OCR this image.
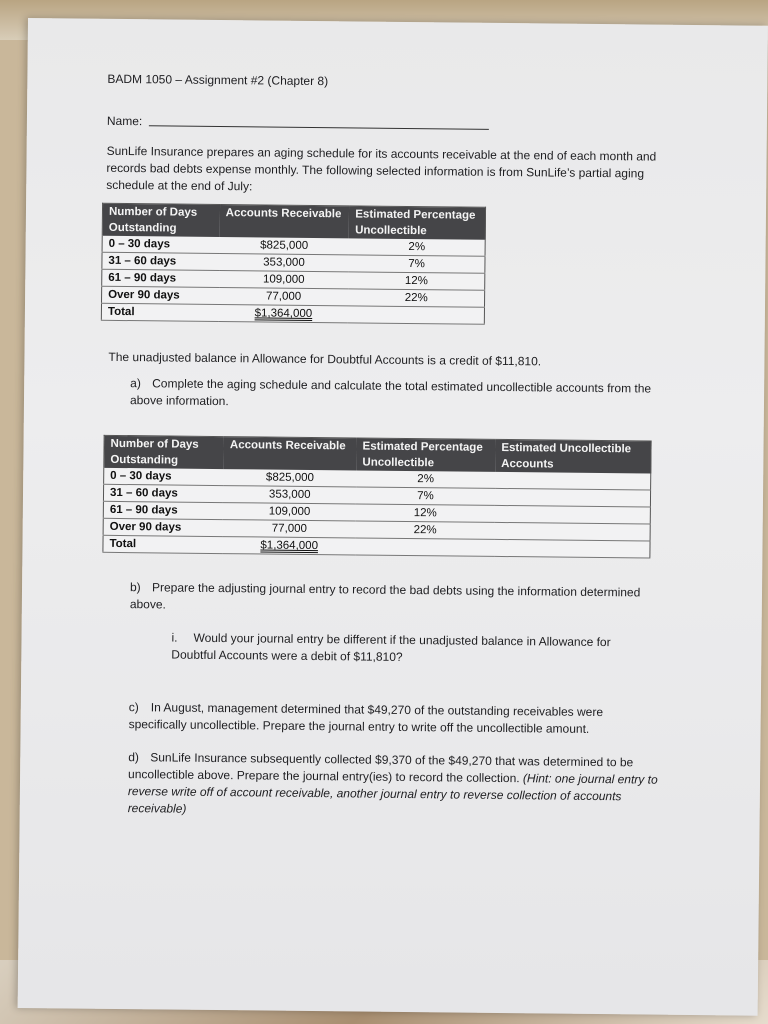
BADM 1050 – Assignment #2 (Chapter 8)
Name:
SunLife Insurance prepares an aging schedule for its accounts receivable at the end of each month and records bad debts expense monthly. The following selected information is from SunLife’s partial aging schedule at the end of July:
Number of Days Outstanding	Accounts Receivable	Estimated Percentage Uncollectible
0 – 30 days	$825,000	2%
31 – 60 days	353,000	7%
61 – 90 days	109,000	12%
Over 90 days	77,000	22%
Total	$1,364,000	
The unadjusted balance in Allowance for Doubtful Accounts is a credit of $11,810.
a) Complete the aging schedule and calculate the total estimated uncollectible accounts from the above information.
Number of Days Outstanding	Accounts Receivable	Estimated Percentage Uncollectible	Estimated Uncollectible Accounts
0 – 30 days	$825,000	2%	
31 – 60 days	353,000	7%	
61 – 90 days	109,000	12%	
Over 90 days	77,000	22%	
Total	$1,364,000		
b) Prepare the adjusting journal entry to record the bad debts using the information determined above.
i. Would your journal entry be different if the unadjusted balance in Allowance for Doubtful Accounts were a debit of $11,810?
c) In August, management determined that $49,270 of the outstanding receivables were specifically uncollectible. Prepare the journal entry to write off the uncollectible amount.
d) SunLife Insurance subsequently collected $9,370 of the $49,270 that was determined to be uncollectible above. Prepare the journal entry(ies) to record the collection. (Hint: one journal entry to reverse write off of account receivable, another journal entry to reverse collection of accounts receivable)
